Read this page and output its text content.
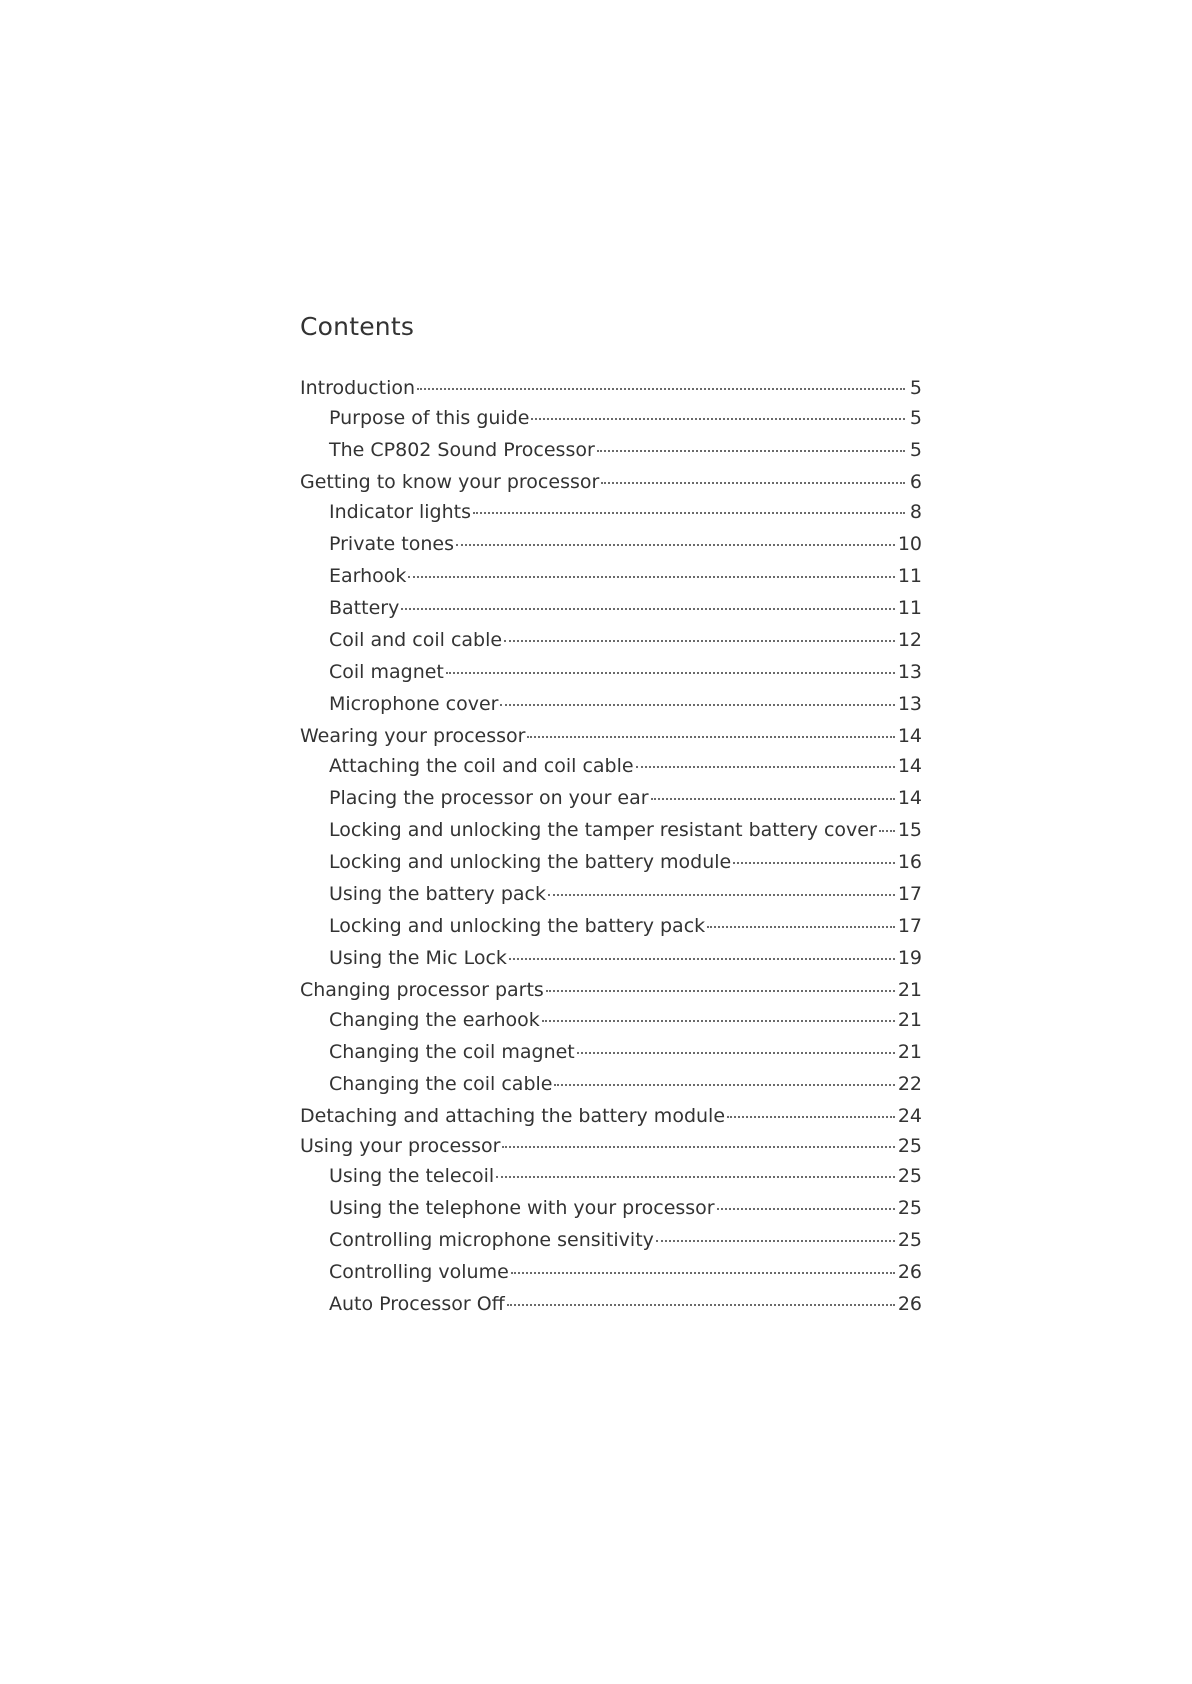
Contents
Introduction	5
Purpose of this guide	5
The CP802 Sound Processor	5
Getting to know your processor	6
Indicator lights	8
Private tones	10
Earhook	11
Battery	11
Coil and coil cable	12
Coil magnet	13
Microphone cover	13
Wearing your processor	14
Attaching the coil and coil cable	14
Placing the processor on your ear	14
Locking and unlocking the tamper resistant battery cover 15
Locking and unlocking the battery module	16
Using the battery pack	17
Locking and unlocking the battery pack	17
Using the Mic Lock	19
Changing processor parts	21
Changing the earhook	21
Changing the coil magnet	21
Changing the coil cable	22
Detaching and attaching the battery module	24
Using your processor	25
Using the telecoil	25
Using the telephone with your processor	25
Controlling microphone sensitivity	25
Controlling volume	26
Auto Processor Off	26
